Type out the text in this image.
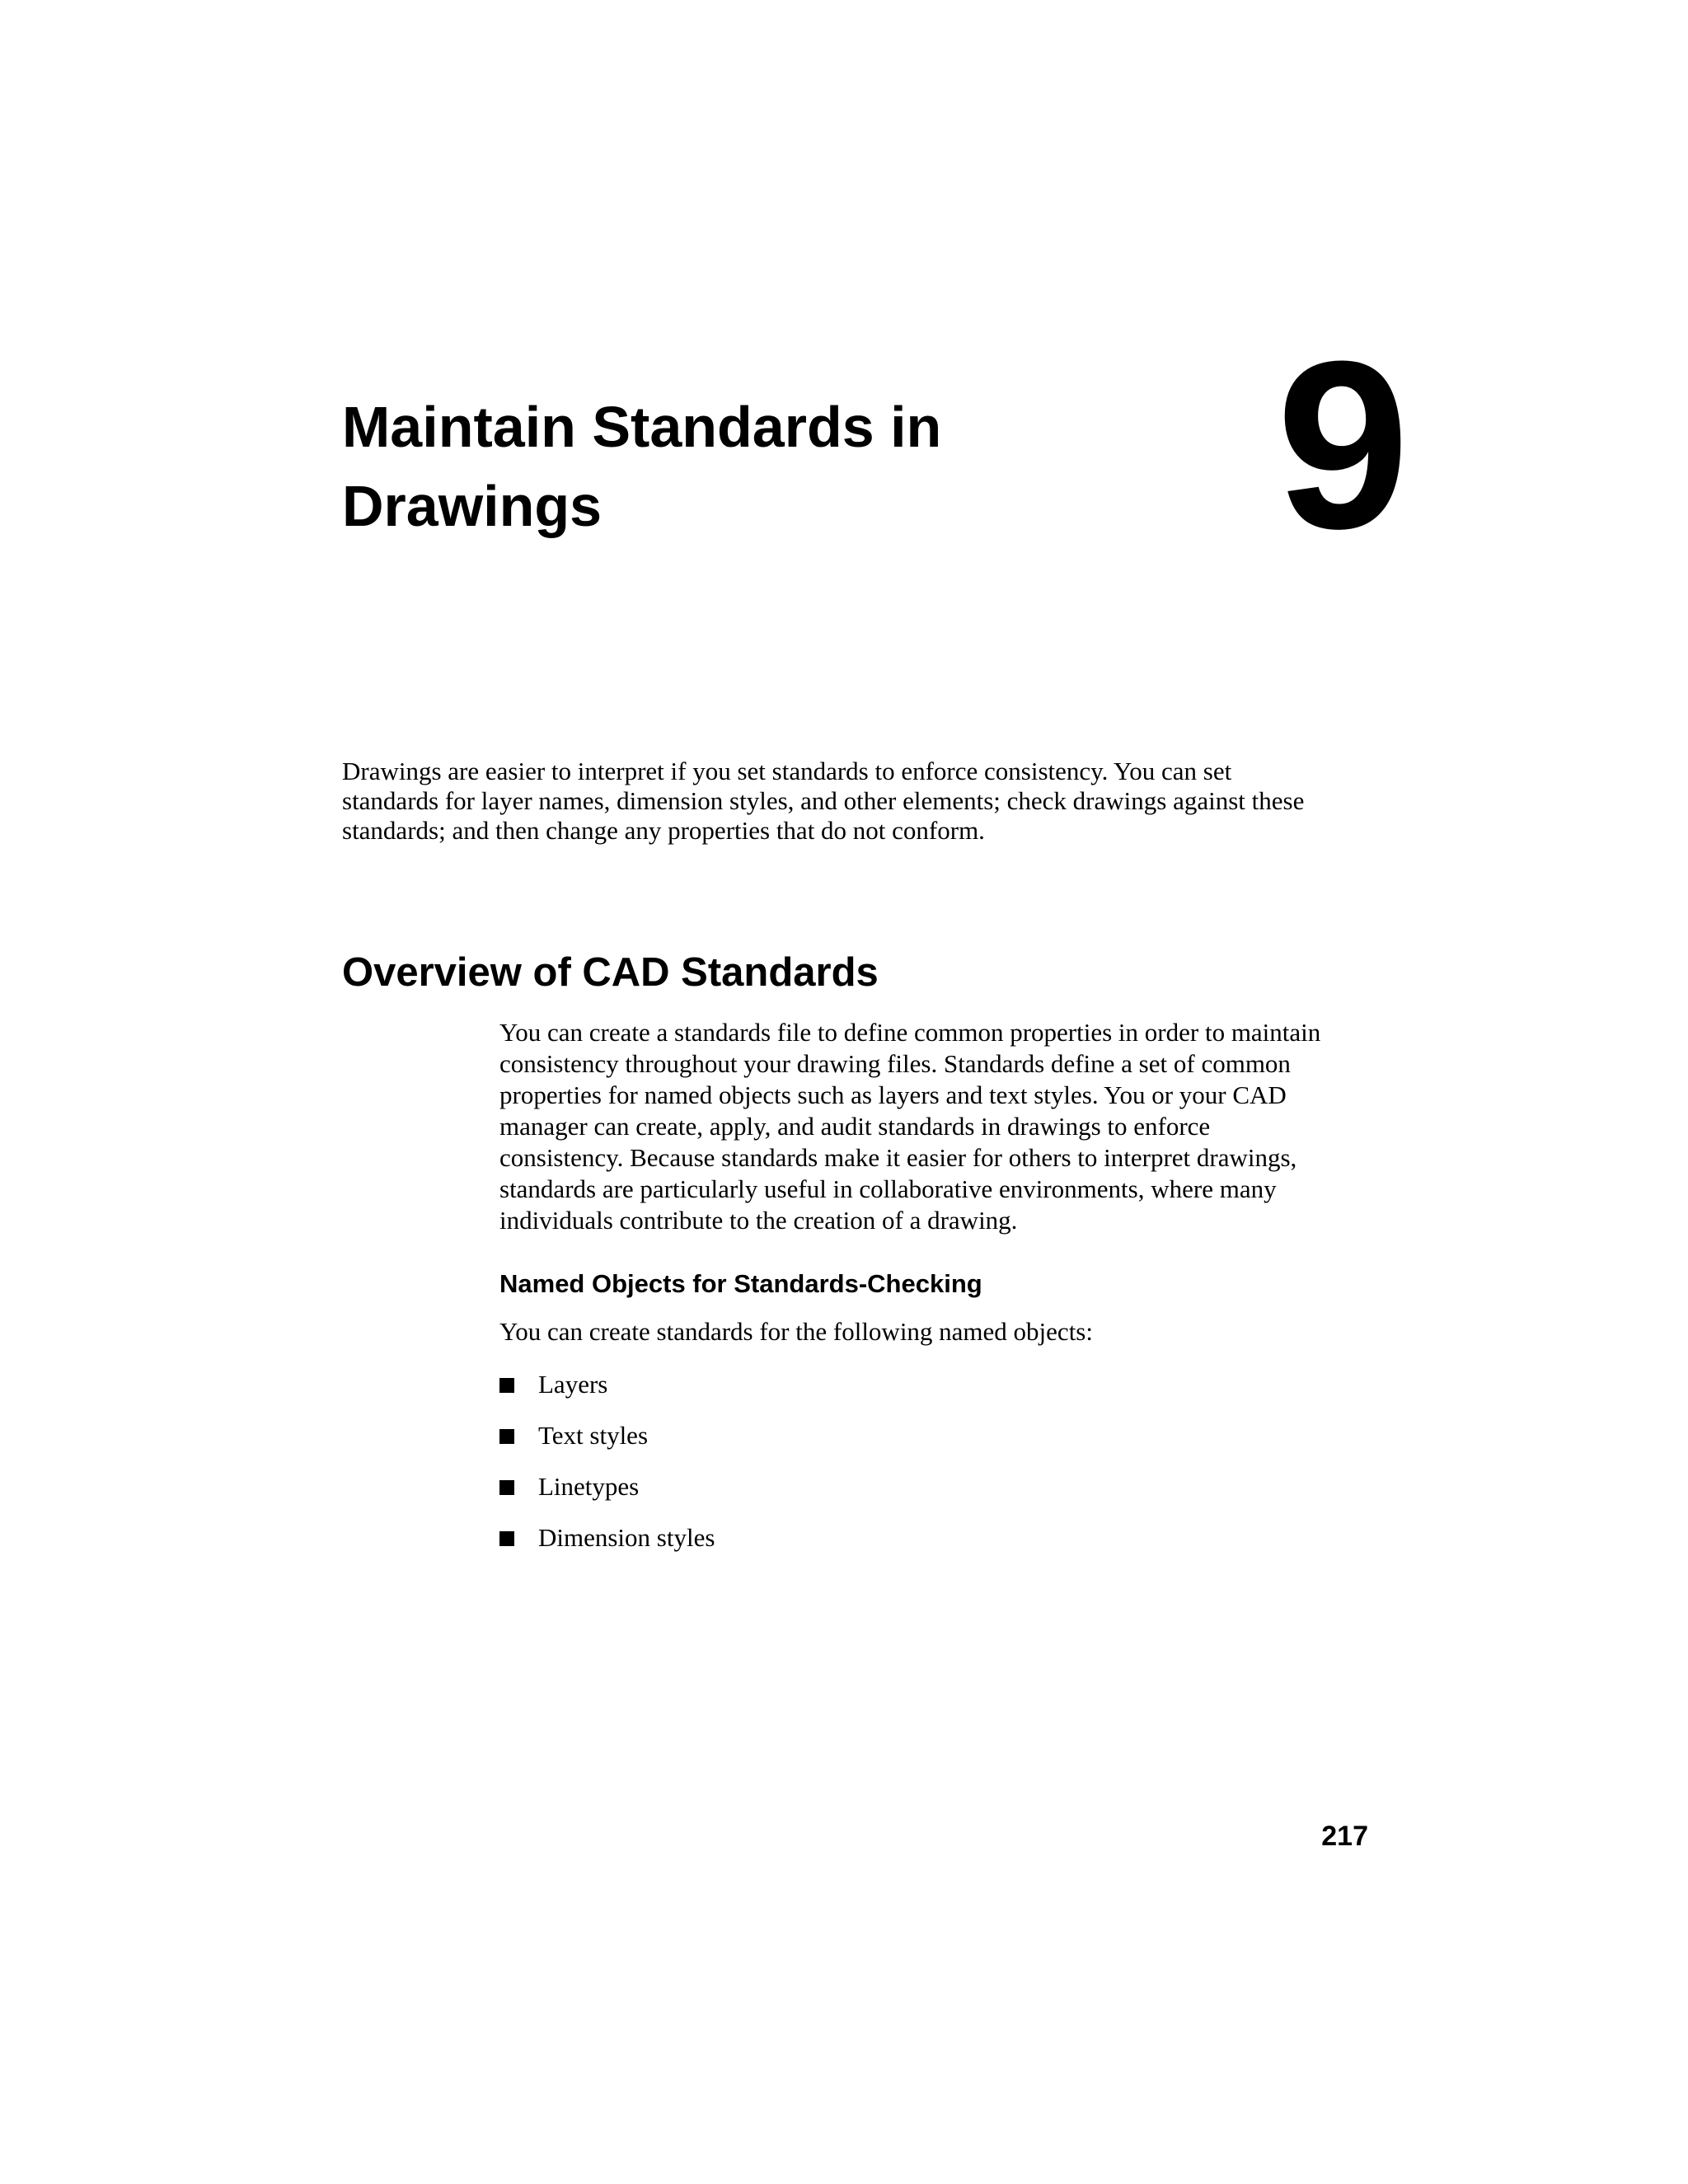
Maintain Standards in
Drawings	9

Drawings are easier to interpret if you set standards to enforce consistency. You can set
standards for layer names, dimension styles, and other elements; check drawings against these
standards; and then change any properties that do not conform.

Overview of CAD Standards

You can create a standards file to define common properties in order to maintain
consistency throughout your drawing files. Standards define a set of common
properties for named objects such as layers and text styles. You or your CAD
manager can create, apply, and audit standards in drawings to enforce
consistency. Because standards make it easier for others to interpret drawings,
standards are particularly useful in collaborative environments, where many
individuals contribute to the creation of a drawing.

Named Objects for Standards-Checking

You can create standards for the following named objects:

Layers
Text styles
Linetypes
Dimension styles
217
